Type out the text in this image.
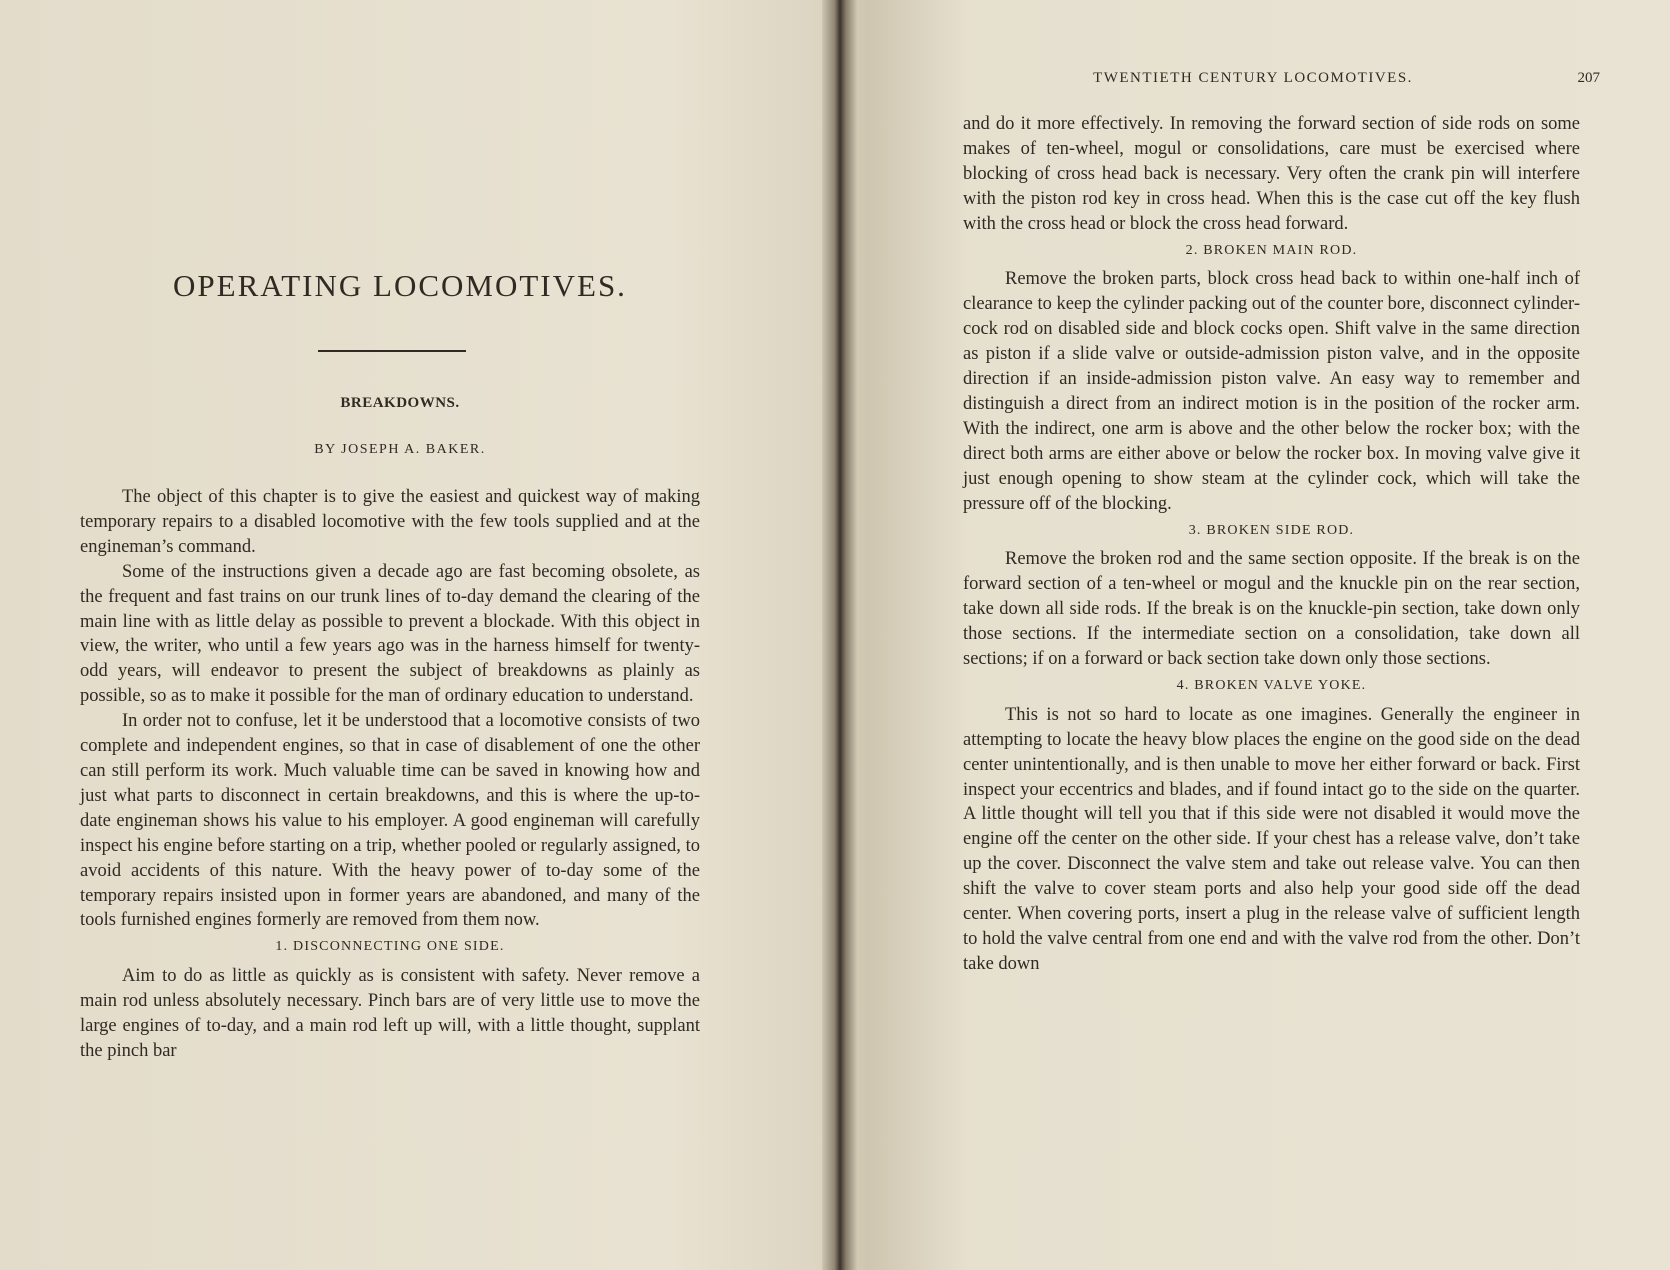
OPERATING LOCOMOTIVES.
BREAKDOWNS.
BY JOSEPH A. BAKER.

The object of this chapter is to give the easiest and quickest way of making temporary repairs to a disabled locomotive with the few tools supplied and at the engineman’s command.

Some of the instructions given a decade ago are fast becoming obsolete, as the frequent and fast trains on our trunk lines of to-day demand the clearing of the main line with as little delay as possible to prevent a blockade. With this object in view, the writer, who until a few years ago was in the harness himself for twenty-odd years, will endeavor to present the subject of breakdowns as plainly as possible, so as to make it possible for the man of ordinary education to understand.

In order not to confuse, let it be understood that a locomotive consists of two complete and independent engines, so that in case of disablement of one the other can still perform its work. Much valuable time can be saved in knowing how and just what parts to disconnect in certain breakdowns, and this is where the up-to-date engineman shows his value to his employer. A good engineman will carefully inspect his engine before starting on a trip, whether pooled or regularly assigned, to avoid accidents of this nature. With the heavy power of to-day some of the temporary repairs insisted upon in former years are abandoned, and many of the tools furnished engines formerly are removed from them now.

1. DISCONNECTING ONE SIDE.

Aim to do as little as quickly as is consistent with safety. Never remove a main rod unless absolutely necessary. Pinch bars are of very little use to move the large engines of to-day, and a main rod left up will, with a little thought, supplant the pinch bar

TWENTIETH CENTURY LOCOMOTIVES.	207

and do it more effectively. In removing the forward section of side rods on some makes of ten-wheel, mogul or consolidations, care must be exercised where blocking of cross head back is necessary. Very often the crank pin will interfere with the piston rod key in cross head. When this is the case cut off the key flush with the cross head or block the cross head forward.

2. BROKEN MAIN ROD.

Remove the broken parts, block cross head back to within one-half inch of clearance to keep the cylinder packing out of the counter bore, disconnect cylinder-cock rod on disabled side and block cocks open. Shift valve in the same direction as piston if a slide valve or outside-admission piston valve, and in the opposite direction if an inside-admission piston valve. An easy way to remember and distinguish a direct from an indirect motion is in the position of the rocker arm. With the indirect, one arm is above and the other below the rocker box; with the direct both arms are either above or below the rocker box. In moving valve give it just enough opening to show steam at the cylinder cock, which will take the pressure off of the blocking.

3. BROKEN SIDE ROD.

Remove the broken rod and the same section opposite. If the break is on the forward section of a ten-wheel or mogul and the knuckle pin on the rear section, take down all side rods. If the break is on the knuckle-pin section, take down only those sections. If the intermediate section on a consolidation, take down all sections; if on a forward or back section take down only those sections.

4. BROKEN VALVE YOKE.

This is not so hard to locate as one imagines. Generally the engineer in attempting to locate the heavy blow places the engine on the good side on the dead center unintentionally, and is then unable to move her either forward or back. First inspect your eccentrics and blades, and if found intact go to the side on the quarter. A little thought will tell you that if this side were not disabled it would move the engine off the center on the other side. If your chest has a release valve, don’t take up the cover. Disconnect the valve stem and take out release valve. You can then shift the valve to cover steam ports and also help your good side off the dead center. When covering ports, insert a plug in the release valve of sufficient length to hold the valve central from one end and with the valve rod from the other. Don’t take down
